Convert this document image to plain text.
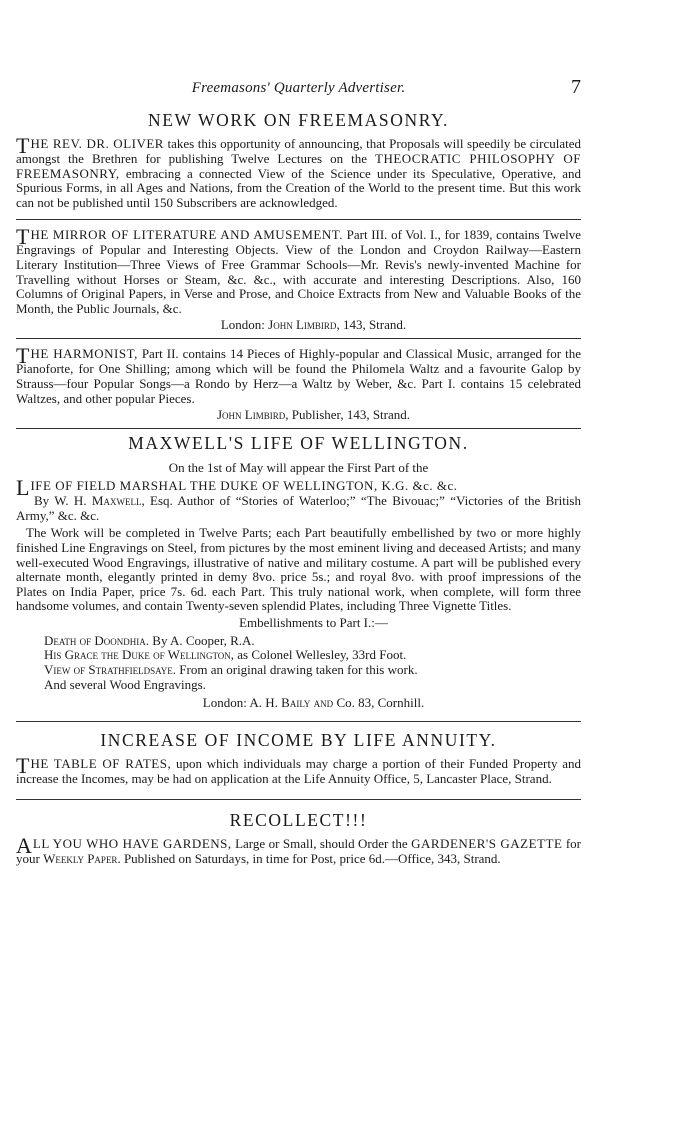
Freemasons' Quarterly Advertiser.	7
NEW WORK ON FREEMASONRY.

THE REV. DR. OLIVER takes this opportunity of announcing, that Proposals will speedily be circulated amongst the Brethren for publishing Twelve Lectures on the THEOCRATIC PHILOSOPHY OF FREEMASONRY, embracing a connected View of the Science under its Speculative, Operative, and Spurious Forms, in all Ages and Nations, from the Creation of the World to the present time. But this work can not be published until 150 Subscribers are acknowledged.

THE MIRROR OF LITERATURE AND AMUSEMENT. Part III. of Vol. I., for 1839, contains Twelve Engravings of Popular and Interesting Objects. View of the London and Croydon Railway—Eastern Literary Institution—Three Views of Free Grammar Schools—Mr. Revis's newly-invented Machine for Travelling without Horses or Steam, &c. &c., with accurate and interesting Descriptions. Also, 160 Columns of Original Papers, in Verse and Prose, and Choice Extracts from New and Valuable Books of the Month, the Public Journals, &c.

London: John Limbird, 143, Strand.

THE HARMONIST, Part II. contains 14 Pieces of Highly-popular and Classical Music, arranged for the Pianoforte, for One Shilling; among which will be found the Philomela Waltz and a favourite Galop by Strauss—four Popular Songs—a Rondo by Herz—a Waltz by Weber, &c. Part I. contains 15 celebrated Waltzes, and other popular Pieces.

John Limbird, Publisher, 143, Strand.
MAXWELL'S LIFE OF WELLINGTON.
On the 1st of May will appear the First Part of the

LIFE OF FIELD MARSHAL THE DUKE OF WELLINGTON, K.G. &c. &c.

By W. H. Maxwell, Esq. Author of “Stories of Waterloo;” “The Bivouac;” “Victories of the British Army,” &c. &c.

The Work will be completed in Twelve Parts; each Part beautifully embellished by two or more highly finished Line Engravings on Steel, from pictures by the most eminent living and deceased Artists; and many well-executed Wood Engravings, illustrative of native and military costume. A part will be published every alternate month, elegantly printed in demy 8vo. price 5s.; and royal 8vo. with proof impressions of the Plates on India Paper, price 7s. 6d. each Part. This truly national work, when complete, will form three handsome volumes, and contain Twenty-seven splendid Plates, including Three Vignette Titles.

Embellishments to Part I.:—
Death of Doondhia. By A. Cooper, R.A.
His Grace the Duke of Wellington, as Colonel Wellesley, 33rd Foot.
View of Strathfieldsaye. From an original drawing taken for this work.
And several Wood Engravings.
London: A. H. Baily and Co. 83, Cornhill.
INCREASE OF INCOME BY LIFE ANNUITY.

THE TABLE OF RATES, upon which individuals may charge a portion of their Funded Property and increase the Incomes, may be had on application at the Life Annuity Office, 5, Lancaster Place, Strand.

RECOLLECT!!!

ALL YOU WHO HAVE GARDENS, Large or Small, should Order the GARDENER'S GAZETTE for your Weekly Paper. Published on Saturdays, in time for Post, price 6d.—Office, 343, Strand.
